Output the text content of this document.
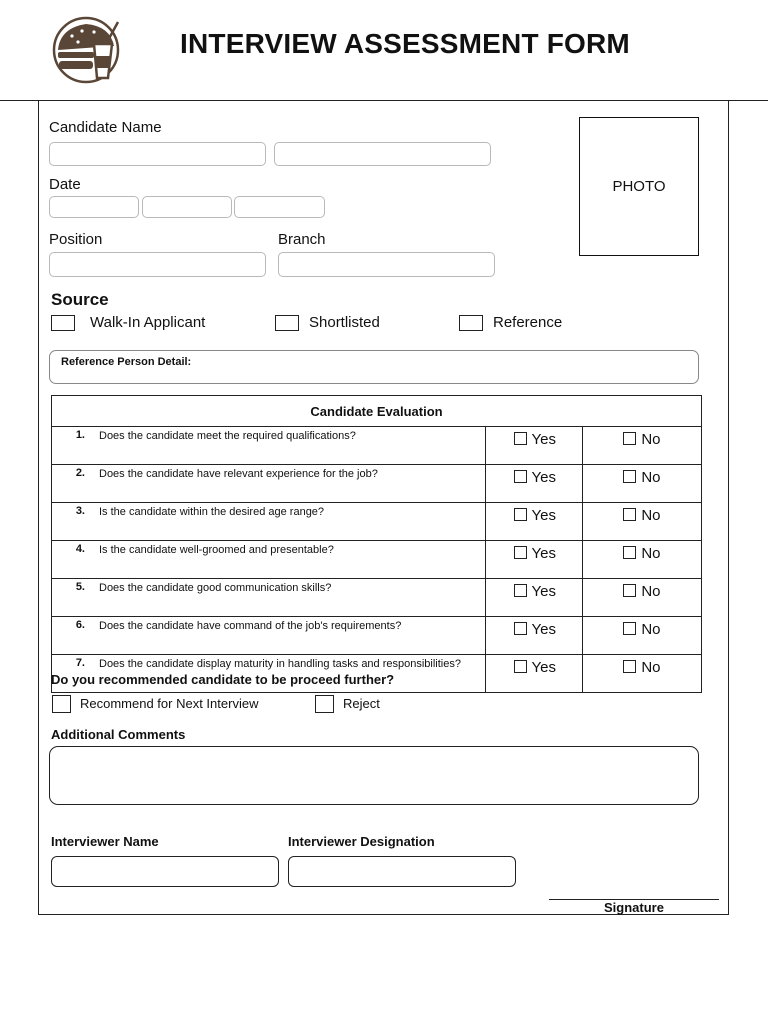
INTERVIEW ASSESSMENT FORM
Candidate Name
Date
Position	Branch
PHOTO
Source
Walk-In Applicant	Shortlisted	Reference
Reference Person Detail:
Candidate Evaluation		
1. Does the candidate meet the required qualifications?	Yes	No
2. Does the candidate have relevant experience for the job?	Yes	No
3. Is the candidate within the desired age range?	Yes	No
4. Is the candidate well-groomed and presentable?	Yes	No
5. Does the candidate good communication skills?	Yes	No
6. Does the candidate have command of the job's requirements?	Yes	No
7. Does the candidate display maturity in handling tasks and responsibilities?	Yes	No
Do you recommended candidate to be proceed further?
Recommend for Next Interview	Reject
Additional Comments
Interviewer Name	Interviewer Designation
Signature
